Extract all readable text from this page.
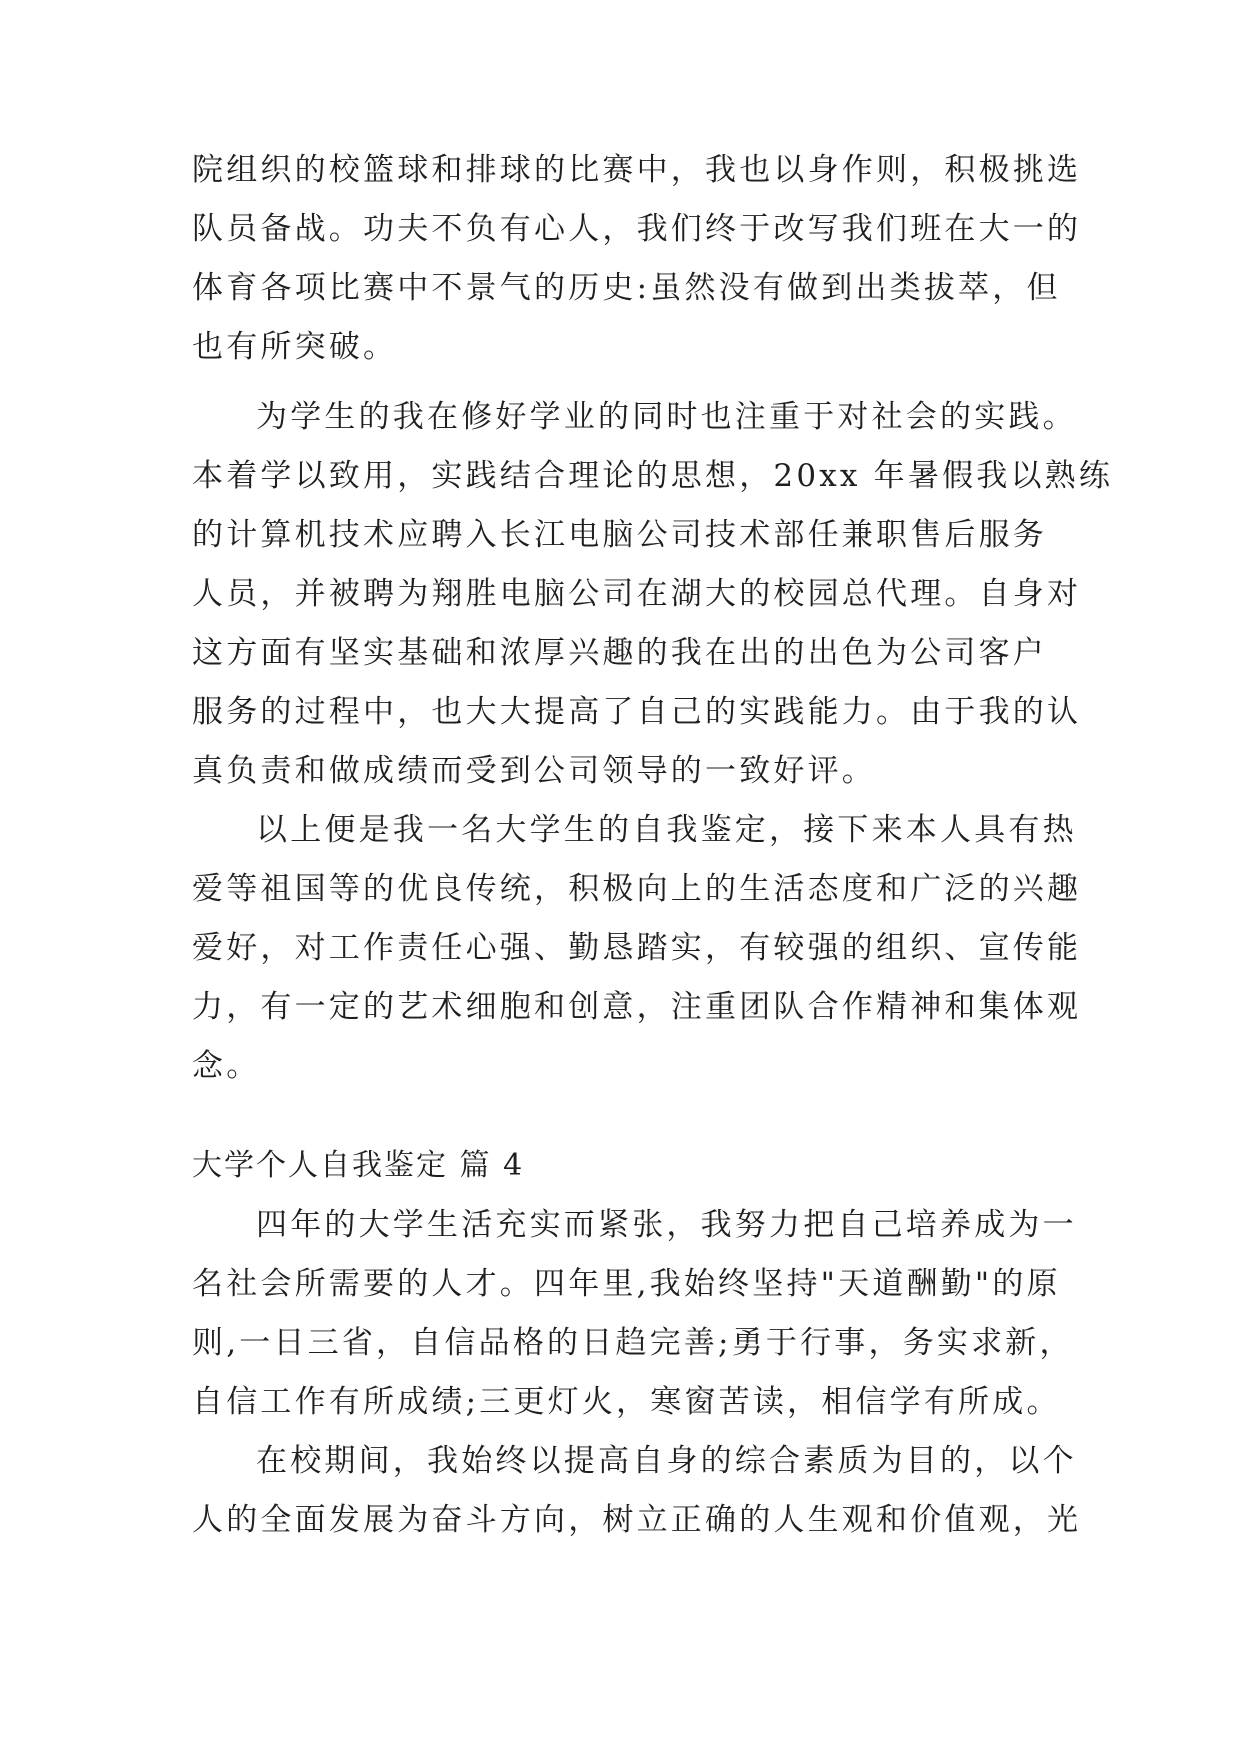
院组织的校篮球和排球的比赛中，我也以身作则，积极挑选
队员备战。功夫不负有心人，我们终于改写我们班在大一的
体育各项比赛中不景气的历史:虽然没有做到出类拔萃，但
也有所突破。
为学生的我在修好学业的同时也注重于对社会的实践。
本着学以致用，实践结合理论的思想，20xx 年暑假我以熟练
的计算机技术应聘入长江电脑公司技术部任兼职售后服务
人员，并被聘为翔胜电脑公司在湖大的校园总代理。自身对
这方面有坚实基础和浓厚兴趣的我在出的出色为公司客户
服务的过程中，也大大提高了自己的实践能力。由于我的认
真负责和做成绩而受到公司领导的一致好评。
以上便是我一名大学生的自我鉴定，接下来本人具有热
爱等祖国等的优良传统，积极向上的生活态度和广泛的兴趣
爱好，对工作责任心强、勤恳踏实，有较强的组织、宣传能
力，有一定的艺术细胞和创意，注重团队合作精神和集体观
念。
大学个人自我鉴定 篇 4
四年的大学生活充实而紧张，我努力把自己培养成为一
名社会所需要的人才。四年里,我始终坚持"天道酬勤"的原
则,一日三省，自信品格的日趋完善;勇于行事，务实求新，
自信工作有所成绩;三更灯火，寒窗苦读，相信学有所成。
在校期间，我始终以提高自身的综合素质为目的，以个
人的全面发展为奋斗方向，树立正确的人生观和价值观，光
